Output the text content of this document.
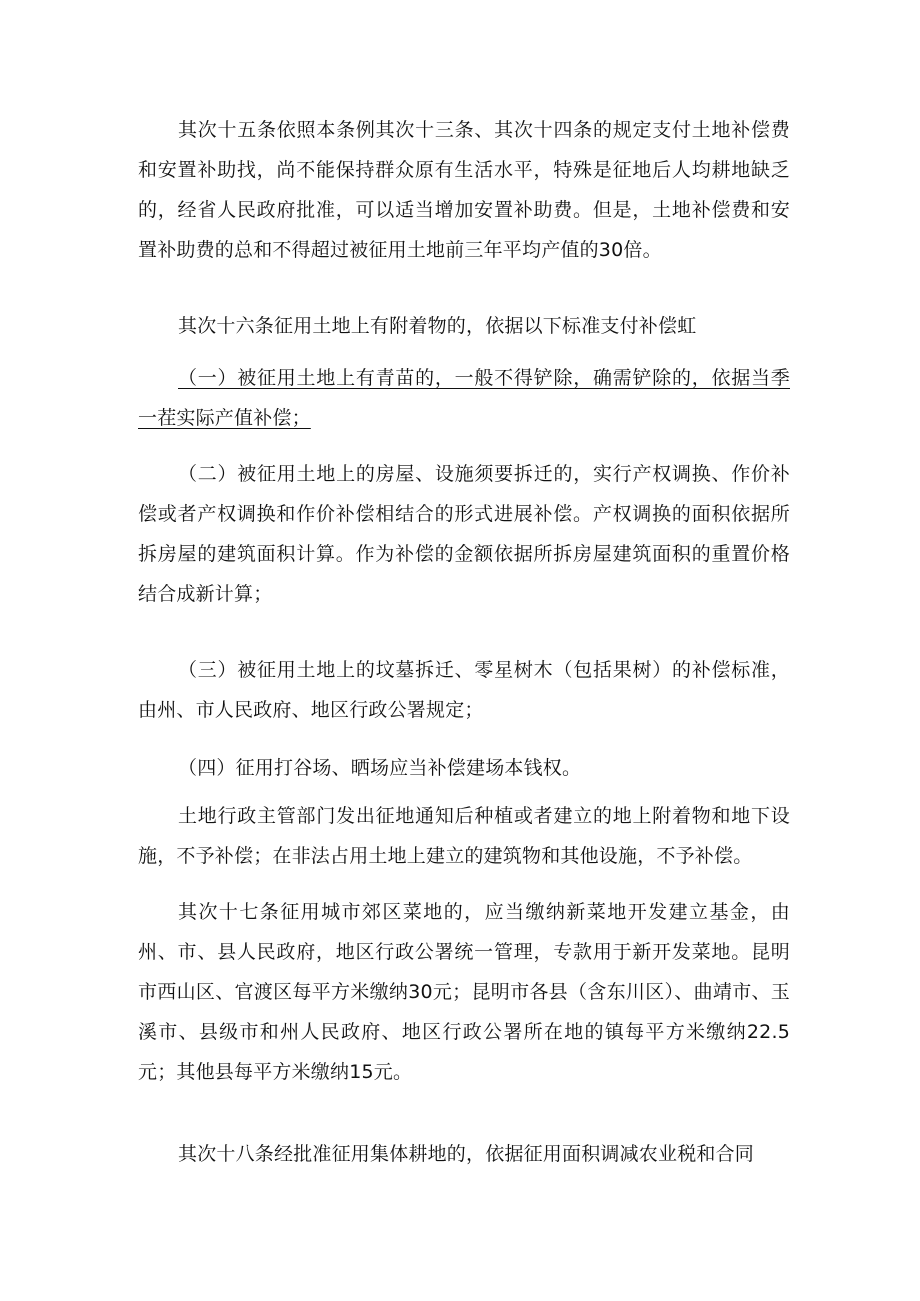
其次十五条依照本条例其次十三条、其次十四条的规定支付土地补偿费和安置补助找，尚不能保持群众原有生活水平，特殊是征地后人均耕地缺乏的，经省人民政府批准，可以适当增加安置补助费。但是，土地补偿费和安置补助费的总和不得超过被征用土地前三年平均产值的30倍。

其次十六条征用土地上有附着物的，依据以下标准支付补偿虹

（一）被征用土地上有青苗的，一般不得铲除，确需铲除的，依据当季一茬实际产值补偿；

（二）被征用土地上的房屋、设施须要拆迁的，实行产权调换、作价补偿或者产权调换和作价补偿相结合的形式进展补偿。产权调换的面积依据所拆房屋的建筑面积计算。作为补偿的金额依据所拆房屋建筑面积的重置价格结合成新计算；

（三）被征用土地上的坟墓拆迁、零星树木（包括果树）的补偿标准，由州、市人民政府、地区行政公署规定；

（四）征用打谷场、晒场应当补偿建场本钱权。

土地行政主管部门发出征地通知后种植或者建立的地上附着物和地下设施，不予补偿；在非法占用土地上建立的建筑物和其他设施，不予补偿。

其次十七条征用城市郊区菜地的，应当缴纳新菜地开发建立基金，由州、市、县人民政府，地区行政公署统一管理，专款用于新开发菜地。昆明市西山区、官渡区每平方米缴纳30元；昆明市各县（含东川区）、曲靖市、玉溪市、县级市和州人民政府、地区行政公署所在地的镇每平方米缴纳22.5元；其他县每平方米缴纳15元。

其次十八条经批准征用集体耕地的，依据征用面积调减农业税和合同
